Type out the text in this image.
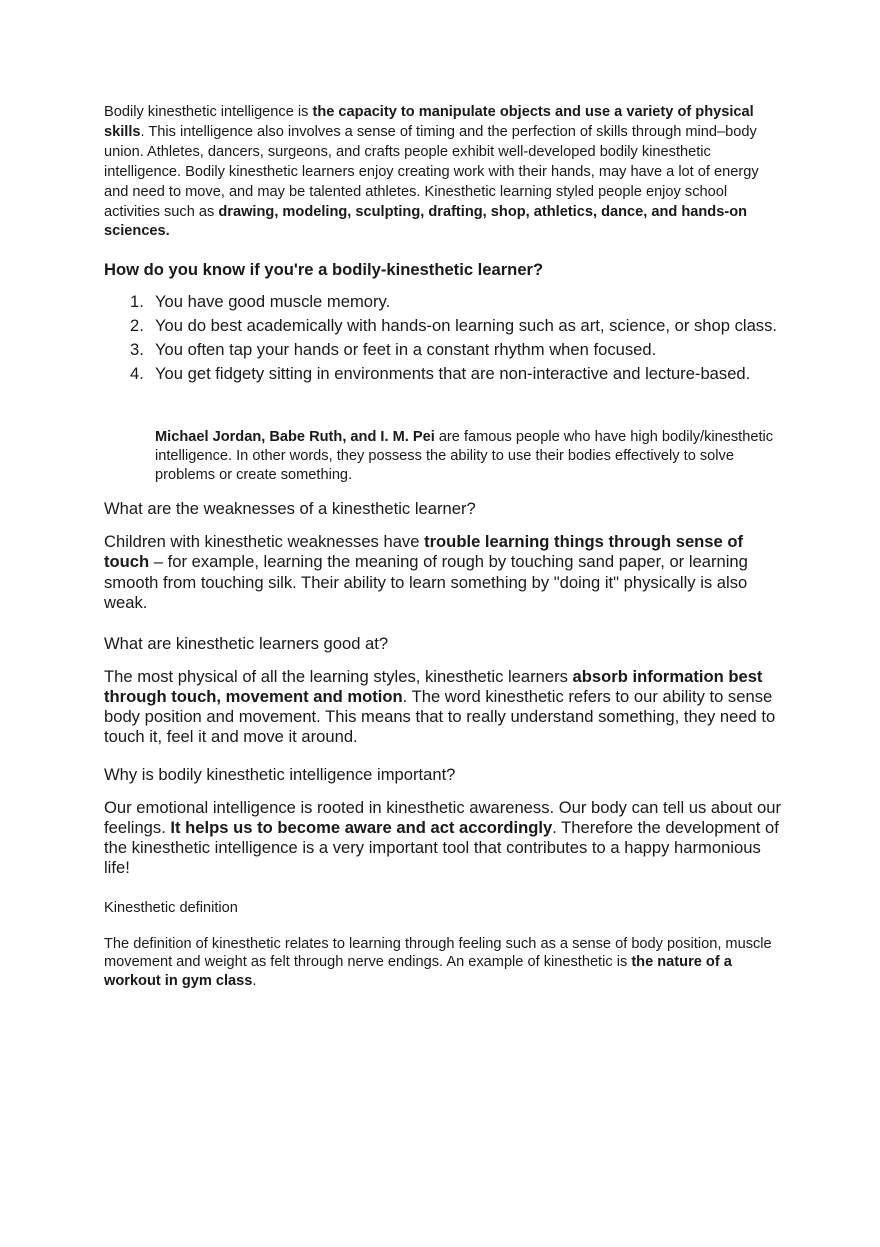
Bodily kinesthetic intelligence is the capacity to manipulate objects and use a variety of physical skills. This intelligence also involves a sense of timing and the perfection of skills through mind–body union. Athletes, dancers, surgeons, and crafts people exhibit well-developed bodily kinesthetic intelligence. Bodily kinesthetic learners enjoy creating work with their hands, may have a lot of energy and need to move, and may be talented athletes. Kinesthetic learning styled people enjoy school activities such as drawing, modeling, sculpting, drafting, shop, athletics, dance, and hands-on sciences.

How do you know if you're a bodily-kinesthetic learner?

1. You have good muscle memory.
2. You do best academically with hands-on learning such as art, science, or shop class.
3. You often tap your hands or feet in a constant rhythm when focused.
4. You get fidgety sitting in environments that are non-interactive and lecture-based.

Michael Jordan, Babe Ruth, and I. M. Pei are famous people who have high bodily/kinesthetic intelligence. In other words, they possess the ability to use their bodies effectively to solve problems or create something.

What are the weaknesses of a kinesthetic learner?

Children with kinesthetic weaknesses have trouble learning things through sense of touch – for example, learning the meaning of rough by touching sand paper, or learning smooth from touching silk. Their ability to learn something by "doing it" physically is also weak.

What are kinesthetic learners good at?

The most physical of all the learning styles, kinesthetic learners absorb information best through touch, movement and motion. The word kinesthetic refers to our ability to sense body position and movement. This means that to really understand something, they need to touch it, feel it and move it around.

Why is bodily kinesthetic intelligence important?

Our emotional intelligence is rooted in kinesthetic awareness. Our body can tell us about our feelings. It helps us to become aware and act accordingly. Therefore the development of the kinesthetic intelligence is a very important tool that contributes to a happy harmonious life!

Kinesthetic definition

The definition of kinesthetic relates to learning through feeling such as a sense of body position, muscle movement and weight as felt through nerve endings. An example of kinesthetic is the nature of a workout in gym class.
